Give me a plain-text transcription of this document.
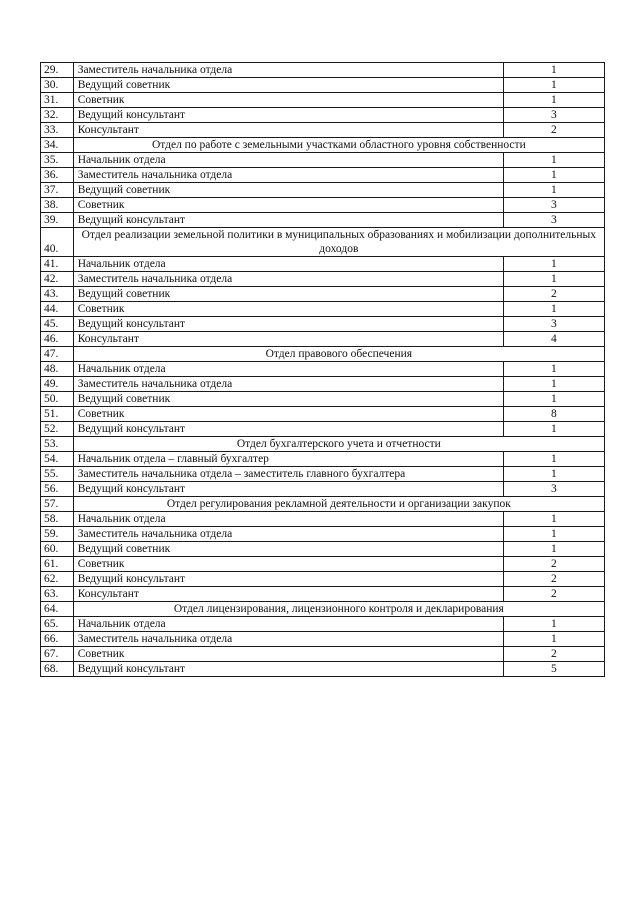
29.	Заместитель начальника отдела	1
30.	Ведущий советник	1
31.	Советник	1
32.	Ведущий консультант	3
33.	Консультант	2
34.	Отдел по работе с земельными участками областного уровня собственности	
35.	Начальник отдела	1
36.	Заместитель начальника отдела	1
37.	Ведущий советник	1
38.	Советник	3
39.	Ведущий консультант	3
40.	Отдел реализации земельной политики в муниципальных образованиях и мобилизации дополнительных доходов	
41.	Начальник отдела	1
42.	Заместитель начальника отдела	1
43.	Ведущий советник	2
44.	Советник	1
45.	Ведущий консультант	3
46.	Консультант	4
47.	Отдел правового обеспечения	
48.	Начальник отдела	1
49.	Заместитель начальника отдела	1
50.	Ведущий советник	1
51.	Советник	8
52.	Ведущий консультант	1
53.	Отдел бухгалтерского учета и отчетности	
54.	Начальник отдела – главный бухгалтер	1
55.	Заместитель начальника отдела – заместитель главного бухгалтера	1
56.	Ведущий консультант	3
57.	Отдел регулирования рекламной деятельности и организации закупок	
58.	Начальник отдела	1
59.	Заместитель начальника отдела	1
60.	Ведущий советник	1
61.	Советник	2
62.	Ведущий консультант	2
63.	Консультант	2
64.	Отдел лицензирования, лицензионного контроля и декларирования	
65.	Начальник отдела	1
66.	Заместитель начальника отдела	1
67.	Советник	2
68.	Ведущий консультант	5
